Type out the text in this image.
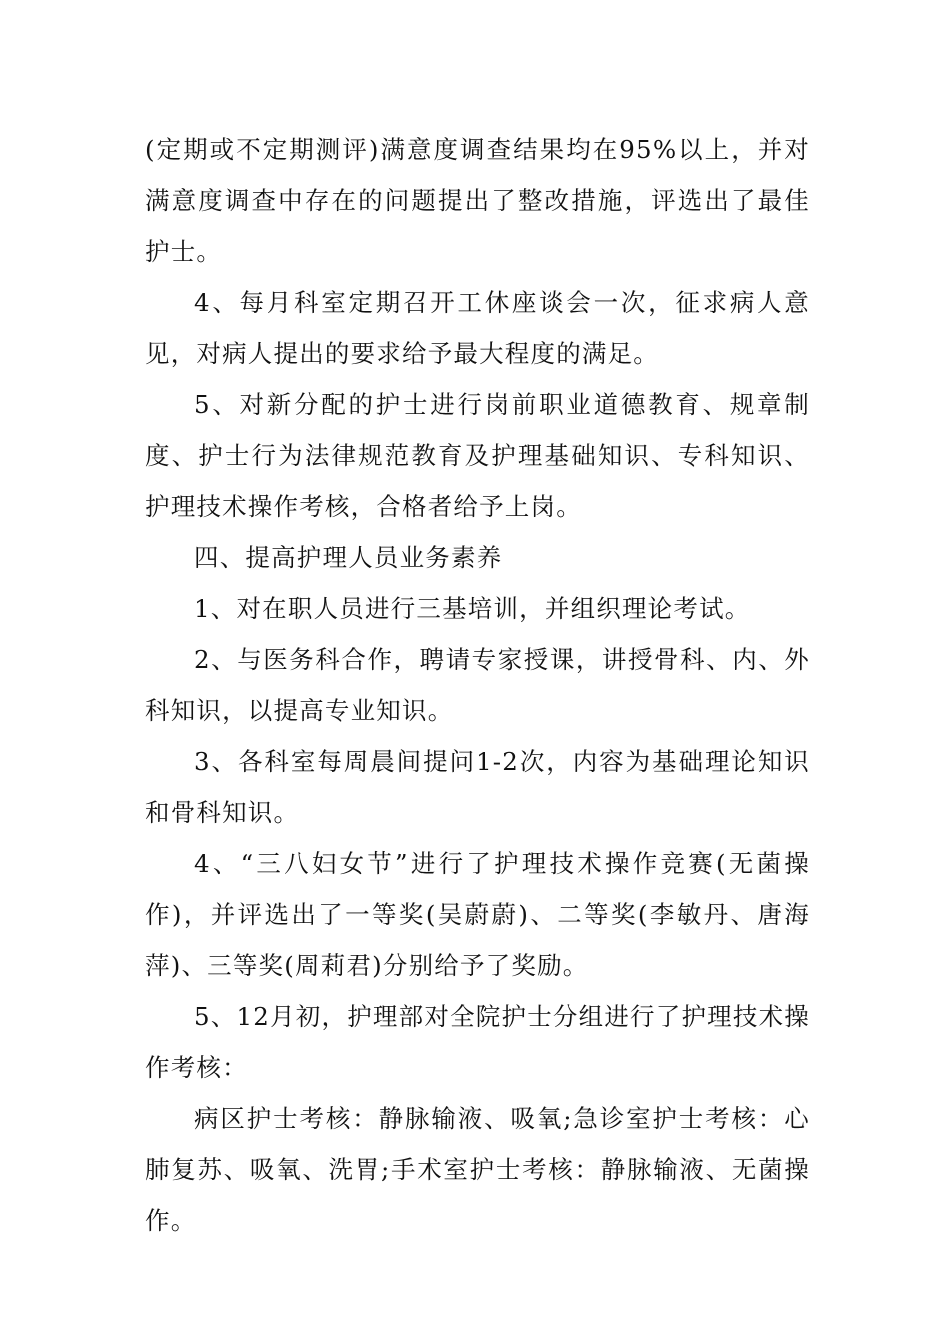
(定期或不定期测评)满意度调查结果均在95%以上，并对满意度调查中存在的问题提出了整改措施，评选出了最佳护士。

4、每月科室定期召开工休座谈会一次，征求病人意见，对病人提出的要求给予最大程度的满足。

5、对新分配的护士进行岗前职业道德教育、规章制度、护士行为法律规范教育及护理基础知识、专科知识、护理技术操作考核，合格者给予上岗。

四、提高护理人员业务素养

1、对在职人员进行三基培训，并组织理论考试。

2、与医务科合作，聘请专家授课，讲授骨科、内、外科知识，以提高专业知识。

3、各科室每周晨间提问1-2次，内容为基础理论知识和骨科知识。

4、“三八妇女节”进行了护理技术操作竞赛(无菌操作)，并评选出了一等奖(吴蔚蔚)、二等奖(李敏丹、唐海萍)、三等奖(周莉君)分别给予了奖励。

5、12月初，护理部对全院护士分组进行了护理技术操作考核：

病区护士考核：静脉输液、吸氧;急诊室护士考核：心肺复苏、吸氧、洗胃;手术室护士考核：静脉输液、无菌操作。
